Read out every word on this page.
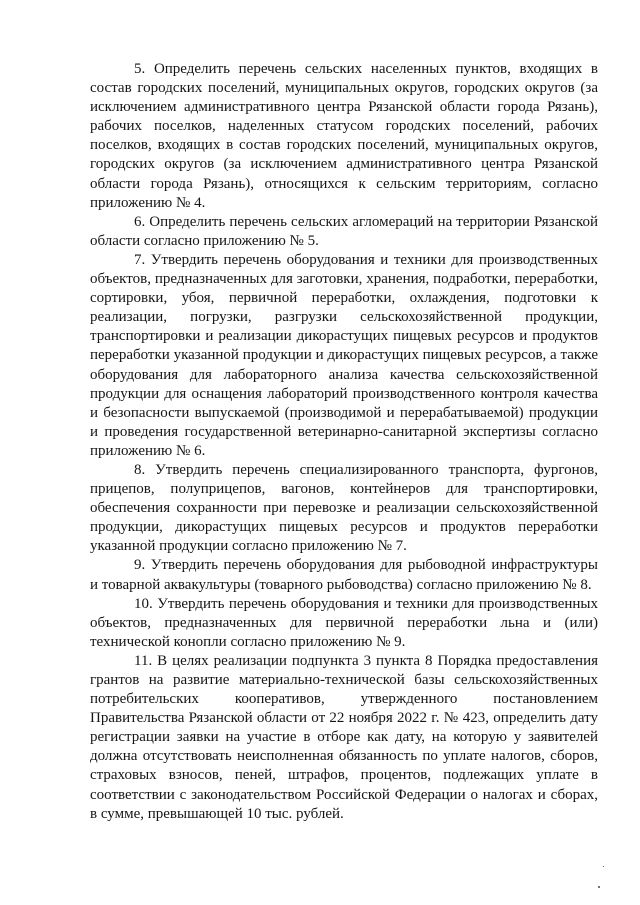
5. Определить перечень сельских населенных пунктов, входящих в состав городских поселений, муниципальных округов, городских округов (за исключением административного центра Рязанской области города Рязань), рабочих поселков, наделенных статусом городских поселений, рабочих поселков, входящих в состав городских поселений, муниципальных округов, городских округов (за исключением административного центра Рязанской области города Рязань), относящихся к сельским территориям, согласно приложению № 4.

6. Определить перечень сельских агломераций на территории Рязанской области согласно приложению № 5.

7. Утвердить перечень оборудования и техники для производственных объектов, предназначенных для заготовки, хранения, подработки, переработки, сортировки, убоя, первичной переработки, охлаждения, подготовки к реализации, погрузки, разгрузки сельскохозяйственной продукции, транспортировки и реализации дикорастущих пищевых ресурсов и продуктов переработки указанной продукции и дикорастущих пищевых ресурсов, а также оборудования для лабораторного анализа качества сельскохозяйственной продукции для оснащения лабораторий производственного контроля качества и безопасности выпускаемой (производимой и перерабатываемой) продукции и проведения государственной ветеринарно-санитарной экспертизы согласно приложению № 6.

8. Утвердить перечень специализированного транспорта, фургонов, прицепов, полуприцепов, вагонов, контейнеров для транспортировки, обеспечения сохранности при перевозке и реализации сельскохозяйственной продукции, дикорастущих пищевых ресурсов и продуктов переработки указанной продукции согласно приложению № 7.

9. Утвердить перечень оборудования для рыбоводной инфраструктуры и товарной аквакультуры (товарного рыбоводства) согласно приложению № 8.

10. Утвердить перечень оборудования и техники для производственных объектов, предназначенных для первичной переработки льна и (или) технической конопли согласно приложению № 9.

11. В целях реализации подпункта 3 пункта 8 Порядка предоставления грантов на развитие материально-технической базы сельскохозяйственных потребительских кооперативов, утвержденного постановлением Правительства Рязанской области от 22 ноября 2022 г. № 423, определить дату регистрации заявки на участие в отборе как дату, на которую у заявителей должна отсутствовать неисполненная обязанность по уплате налогов, сборов, страховых взносов, пеней, штрафов, процентов, подлежащих уплате в соответствии с законодательством Российской Федерации о налогах и сборах, в сумме, превышающей 10 тыс. рублей.
